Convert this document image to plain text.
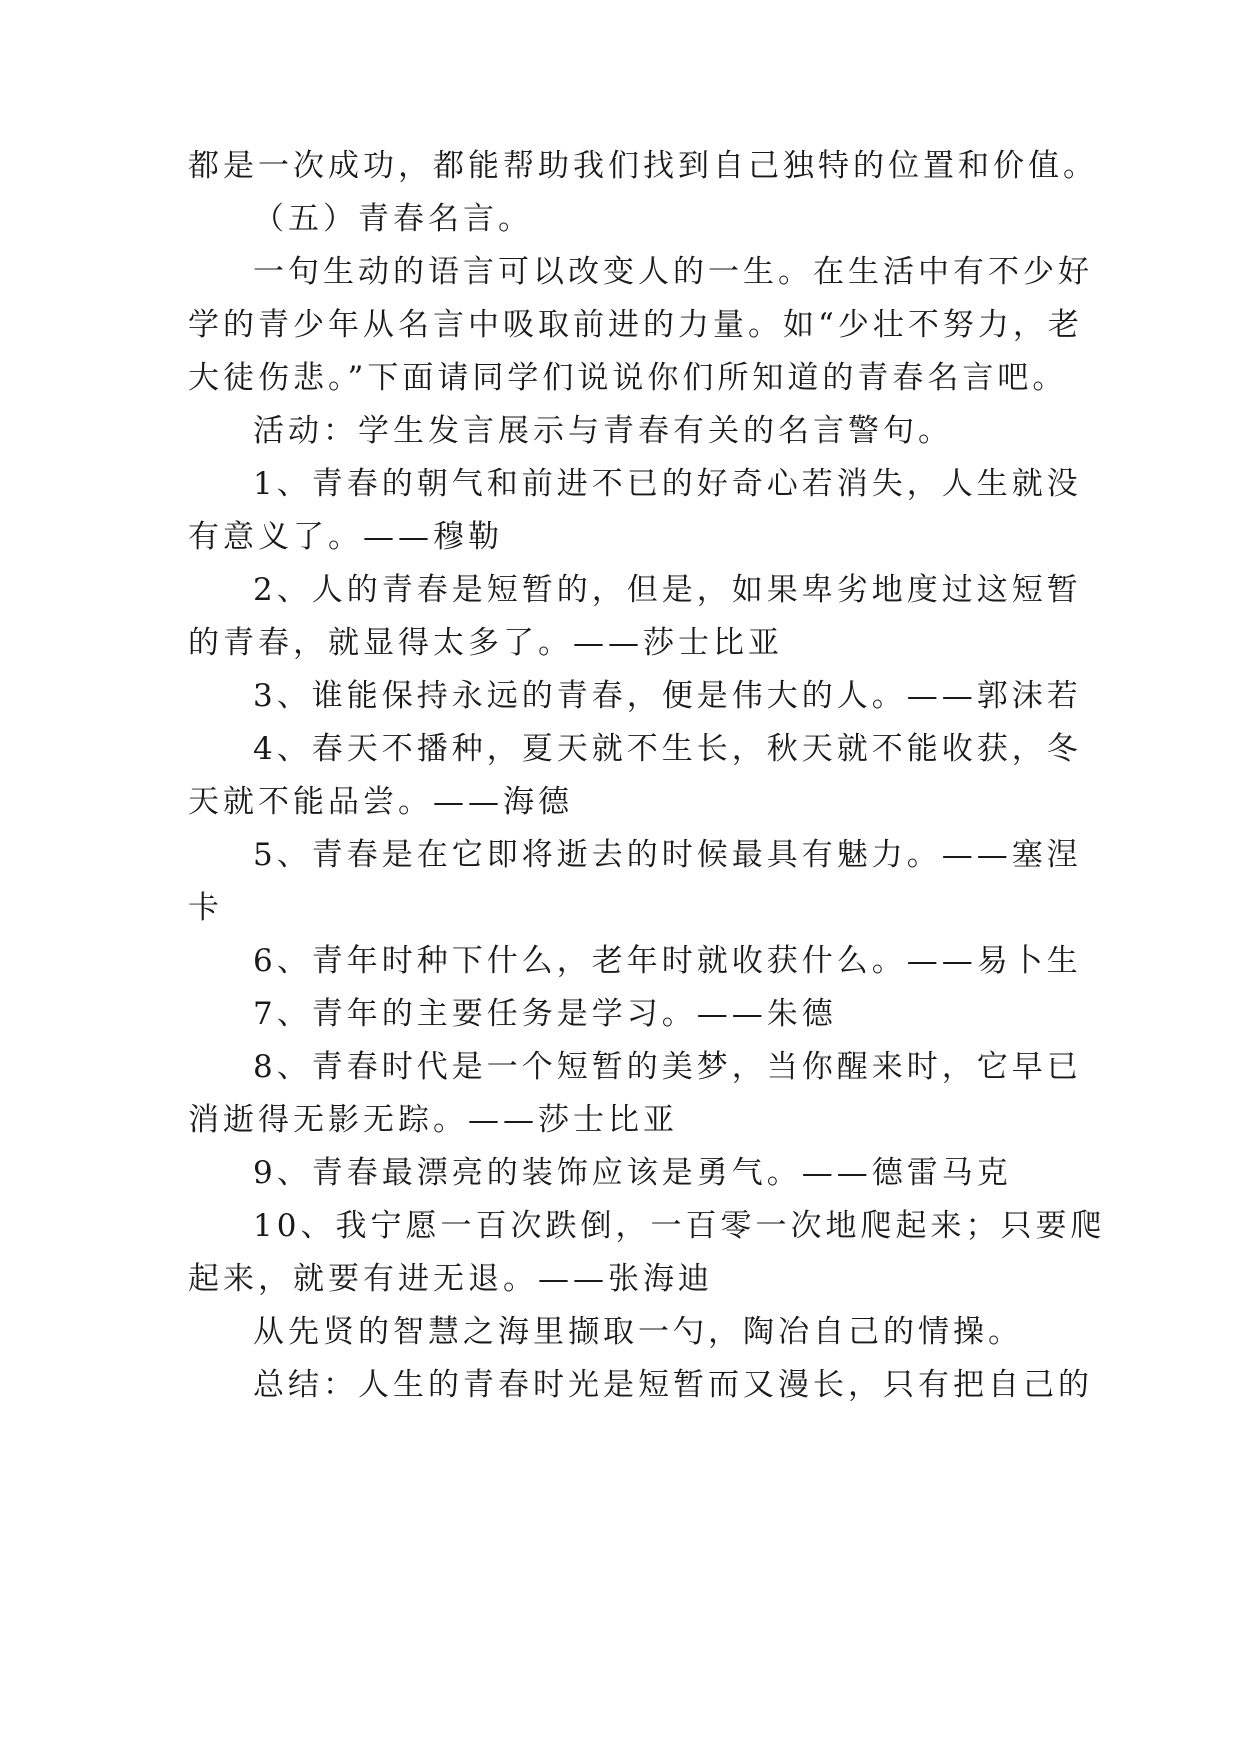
都是一次成功，都能帮助我们找到自己独特的位置和价值。

（五）青春名言。

一句生动的语言可以改变人的一生。在生活中有不少好

学的青少年从名言中吸取前进的力量。如“少壮不努力，老

大徒伤悲。”下面请同学们说说你们所知道的青春名言吧。

活动：学生发言展示与青春有关的名言警句。

1、青春的朝气和前进不已的好奇心若消失，人生就没

有意义了。——穆勒

2、人的青春是短暂的，但是，如果卑劣地度过这短暂

的青春，就显得太多了。——莎士比亚

3、谁能保持永远的青春，便是伟大的人。——郭沫若

4、春天不播种，夏天就不生长，秋天就不能收获，冬

天就不能品尝。——海德

5、青春是在它即将逝去的时候最具有魅力。——塞涅

卡

6、青年时种下什么，老年时就收获什么。——易卜生

7、青年的主要任务是学习。——朱德

8、青春时代是一个短暂的美梦，当你醒来时，它早已

消逝得无影无踪。——莎士比亚

9、青春最漂亮的装饰应该是勇气。——德雷马克

10、我宁愿一百次跌倒，一百零一次地爬起来；只要爬

起来，就要有进无退。——张海迪

从先贤的智慧之海里撷取一勺，陶冶自己的情操。

总结：人生的青春时光是短暂而又漫长，只有把自己的
